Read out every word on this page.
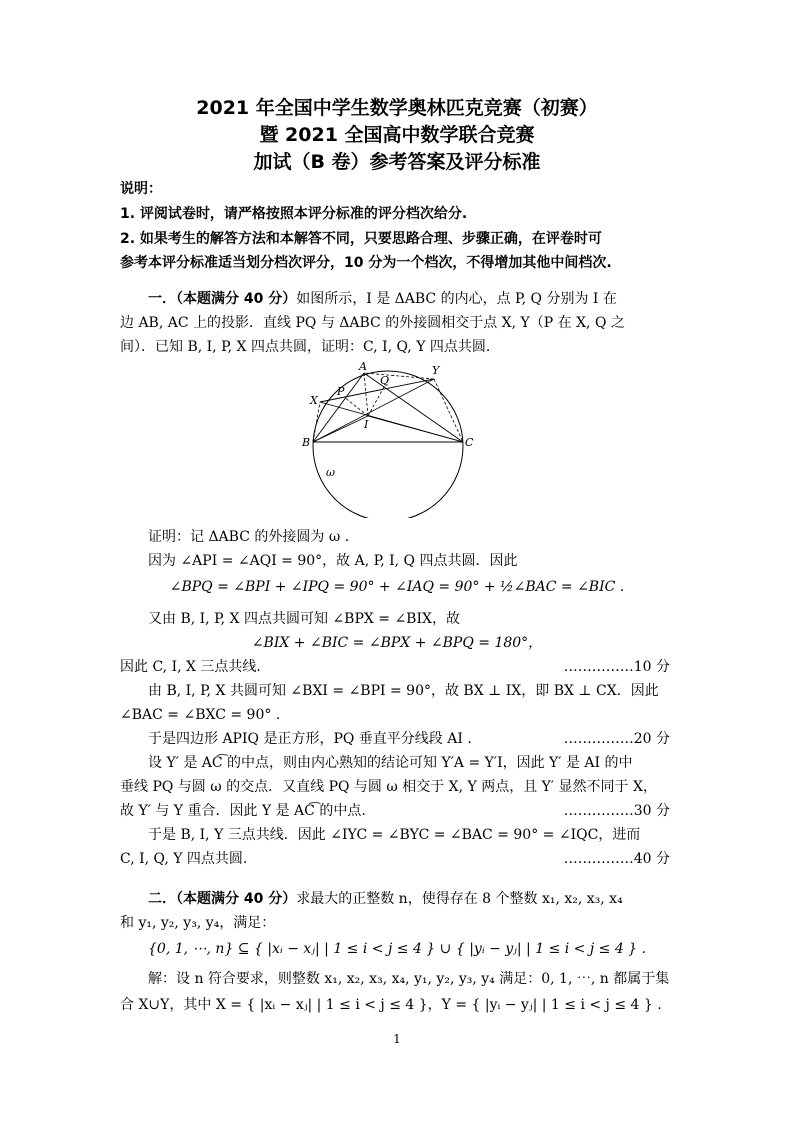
2021 年全国中学生数学奥林匹克竞赛（初赛）
暨 2021 全国高中数学联合竞赛
加试（B 卷）参考答案及评分标准
说明：
1. 评阅试卷时，请严格按照本评分标准的评分档次给分.
2. 如果考生的解答方法和本解答不同，只要思路合理、步骤正确，在评卷时可
参考本评分标准适当划分档次评分，10 分为一个档次，不得增加其他中间档次.
一．（本题满分 40 分）如图所示，I 是 ΔABC 的内心，点 P, Q 分别为 I 在
边 AB, AC 上的投影．直线 PQ 与 ΔABC 的外接圆相交于点 X, Y（P 在 X, Q 之
间）．已知 B, I, P, X 四点共圆，证明：C, I, Q, Y 四点共圆.
A
B	C
P
Q
I
X
Y
ω
证明：记 ΔABC 的外接圆为 ω .
因为 ∠API = ∠AQI = 90°，故 A, P, I, Q 四点共圆．因此
∠BPQ = ∠BPI + ∠IPQ = 90° + ∠IAQ = 90° + ½∠BAC = ∠BIC .
又由 B, I, P, X 四点共圆可知 ∠BPX = ∠BIX，故
∠BIX + ∠BIC = ∠BPX + ∠BPQ = 180°，
因此 C, I, X 三点共线.	……………10 分
由 B, I, P, X 共圆可知 ∠BXI = ∠BPI = 90°，故 BX ⊥ IX，即 BX ⊥ CX．因此
∠BAC = ∠BXC = 90° .
于是四边形 APIQ 是正方形，PQ 垂直平分线段 AI .	……………20 分
设 Y′ 是 AC͡ 的中点，则由内心熟知的结论可知 Y′A = Y′I，因此 Y′ 是 AI 的中
垂线 PQ 与圆 ω 的交点．又直线 PQ 与圆 ω 相交于 X, Y 两点，且 Y′ 显然不同于 X，
故 Y′ 与 Y 重合．因此 Y 是 AC͡ 的中点.	……………30 分
于是 B, I, Y 三点共线．因此 ∠IYC = ∠BYC = ∠BAC = 90° = ∠IQC，进而
C, I, Q, Y 四点共圆.	……………40 分
二．（本题满分 40 分）求最大的正整数 n，使得存在 8 个整数 x₁, x₂, x₃, x₄
和 y₁, y₂, y₃, y₄，满足：
{0, 1, ⋯, n} ⊆ { |xᵢ − xⱼ| | 1 ≤ i < j ≤ 4 } ∪ { |yᵢ − yⱼ| | 1 ≤ i < j ≤ 4 } .
解：设 n 符合要求，则整数 x₁, x₂, x₃, x₄, y₁, y₂, y₃, y₄ 满足：0, 1, ⋯, n 都属于集
合 X∪Y，其中 X = { |xᵢ − xⱼ| | 1 ≤ i < j ≤ 4 }，Y = { |yᵢ − yⱼ| | 1 ≤ i < j ≤ 4 } .
1
